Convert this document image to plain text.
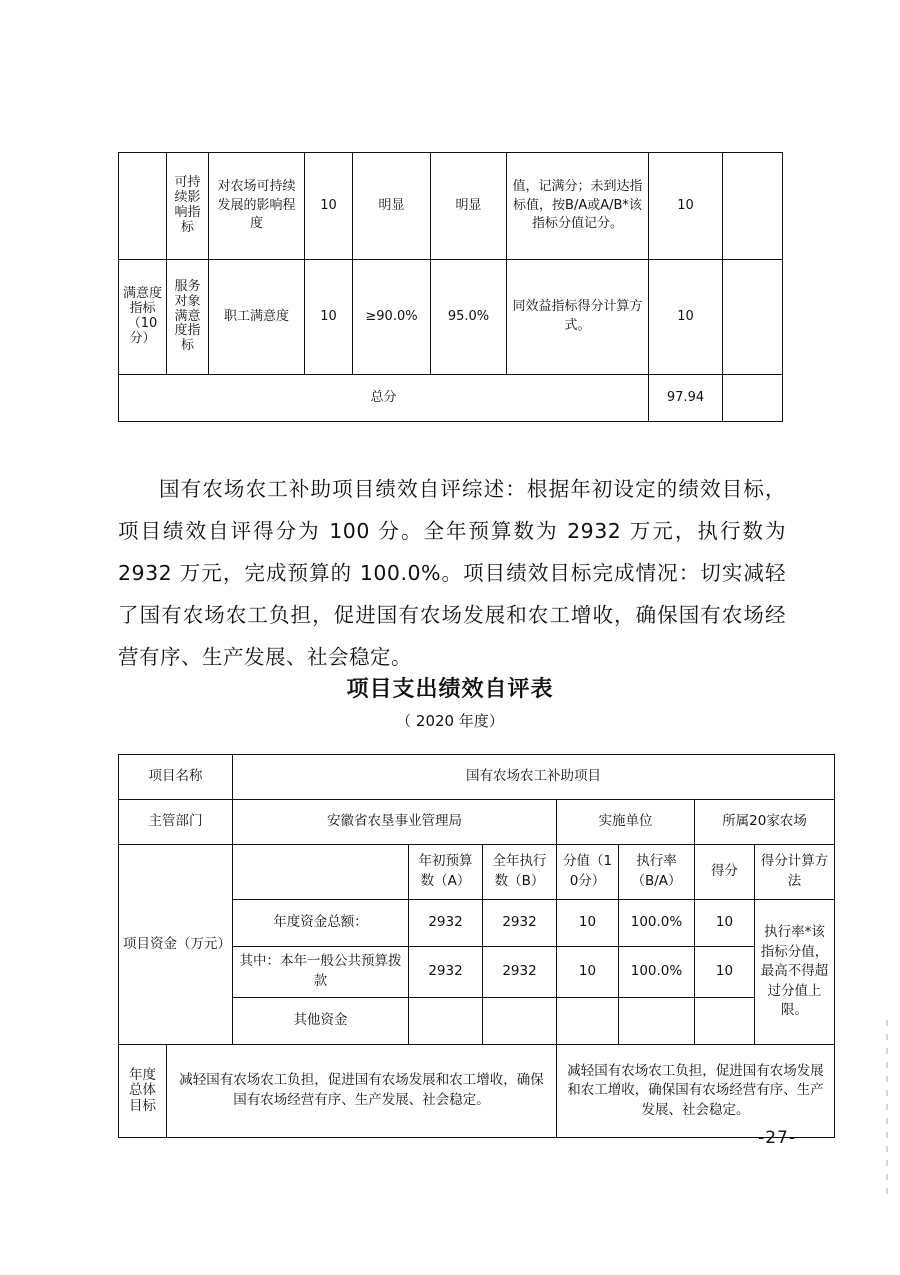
	可持续影响指标	对农场可持续发展的影响程度	10	明显	明显	值，记满分；未到达指标值，按B/A或A/B*该指标分值记分。	10	
满意度指标（10分）	服务对象满意度指标	职工满意度	10	≥90.0%	95.0%	同效益指标得分计算方式。	10	
总分							97.94	

国有农场农工补助项目绩效自评综述：根据年初设定的绩效目标，项目绩效自评得分为 100 分。全年预算数为 2932 万元，执行数为 2932 万元，完成预算的 100.0%。项目绩效目标完成情况：切实减轻了国有农场农工负担，促进国有农场发展和农工增收，确保国有农场经营有序、生产发展、社会稳定。

项目支出绩效自评表
（ 2020 年度）
项目名称		国有农场农工补助项目						
主管部门		安徽省农垦事业管理局			实施单位		所属20家农场	
项目资金（万元）			年初预算数（A）	全年执行数（B）	分值（10分）	执行率（B/A）	得分	得分计算方法
		年度资金总额：	2932	2932	10	100.0%	10	执行率*该指标分值，最高不得超过分值上限。
		其中：本年一般公共预算拨款	2932	2932	10	100.0%	10	
		其他资金						
年度总体目标	减轻国有农场农工负担，促进国有农场发展和农工增收，确保国有农场经营有序、生产发展、社会稳定。				减轻国有农场农工负担，促进国有农场发展和农工增收，确保国有农场经营有序、生产发展、社会稳定。			
-27-
